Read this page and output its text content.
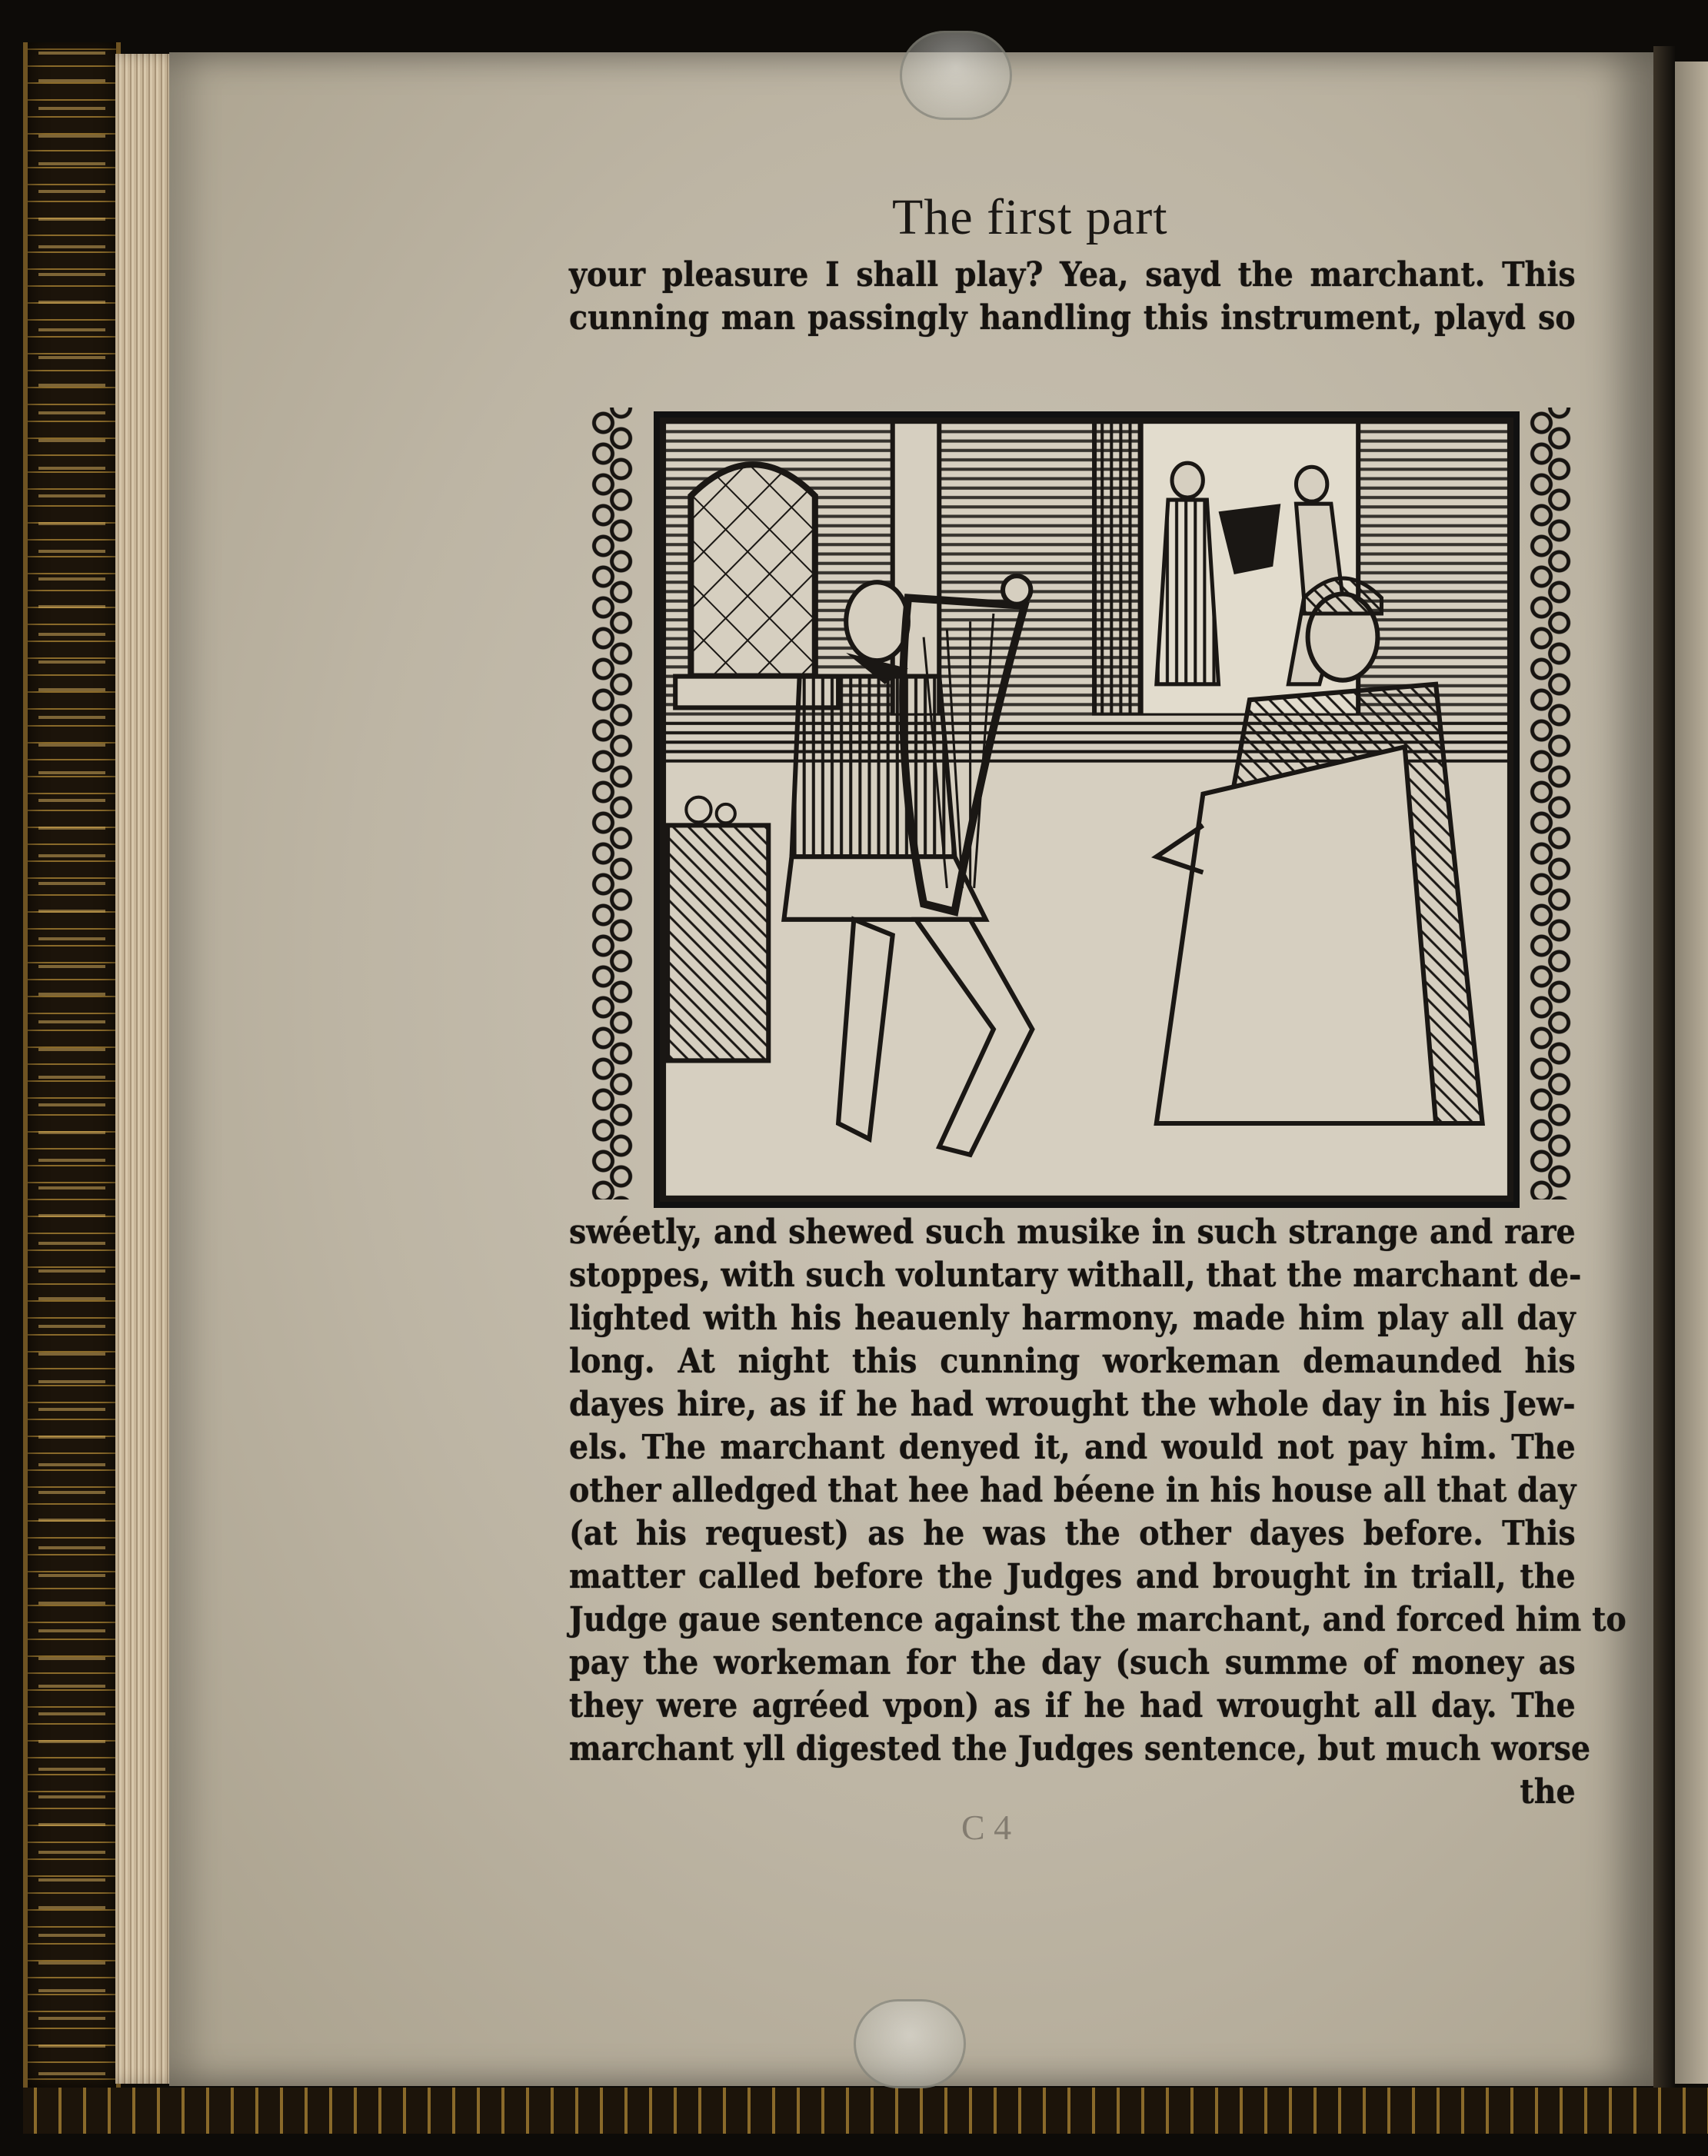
The first part
your pleasure I shall play? Yea, sayd the marchant. This
cunning man passingly handling this instrument, playd so
swéetly, and shewed such musike in such strange and rare
stoppes, with such voluntary withall, that the marchant de-
lighted with his heauenly harmony, made him play all day
long. At night this cunning workeman demaunded his
dayes hire, as if he had wrought the whole day in his Jew-
els. The marchant denyed it, and would not pay him. The
other alledged that hee had béene in his house all that day
(at his request) as he was the other dayes before. This
matter called before the Judges and brought in triall, the
Judge gaue sentence against the marchant, and forced him to
pay the workeman for the day (such summe of money as
they were agréed vpon) as if he had wrought all day. The
marchant yll digested the Judges sentence, but much worse
the
C 4
